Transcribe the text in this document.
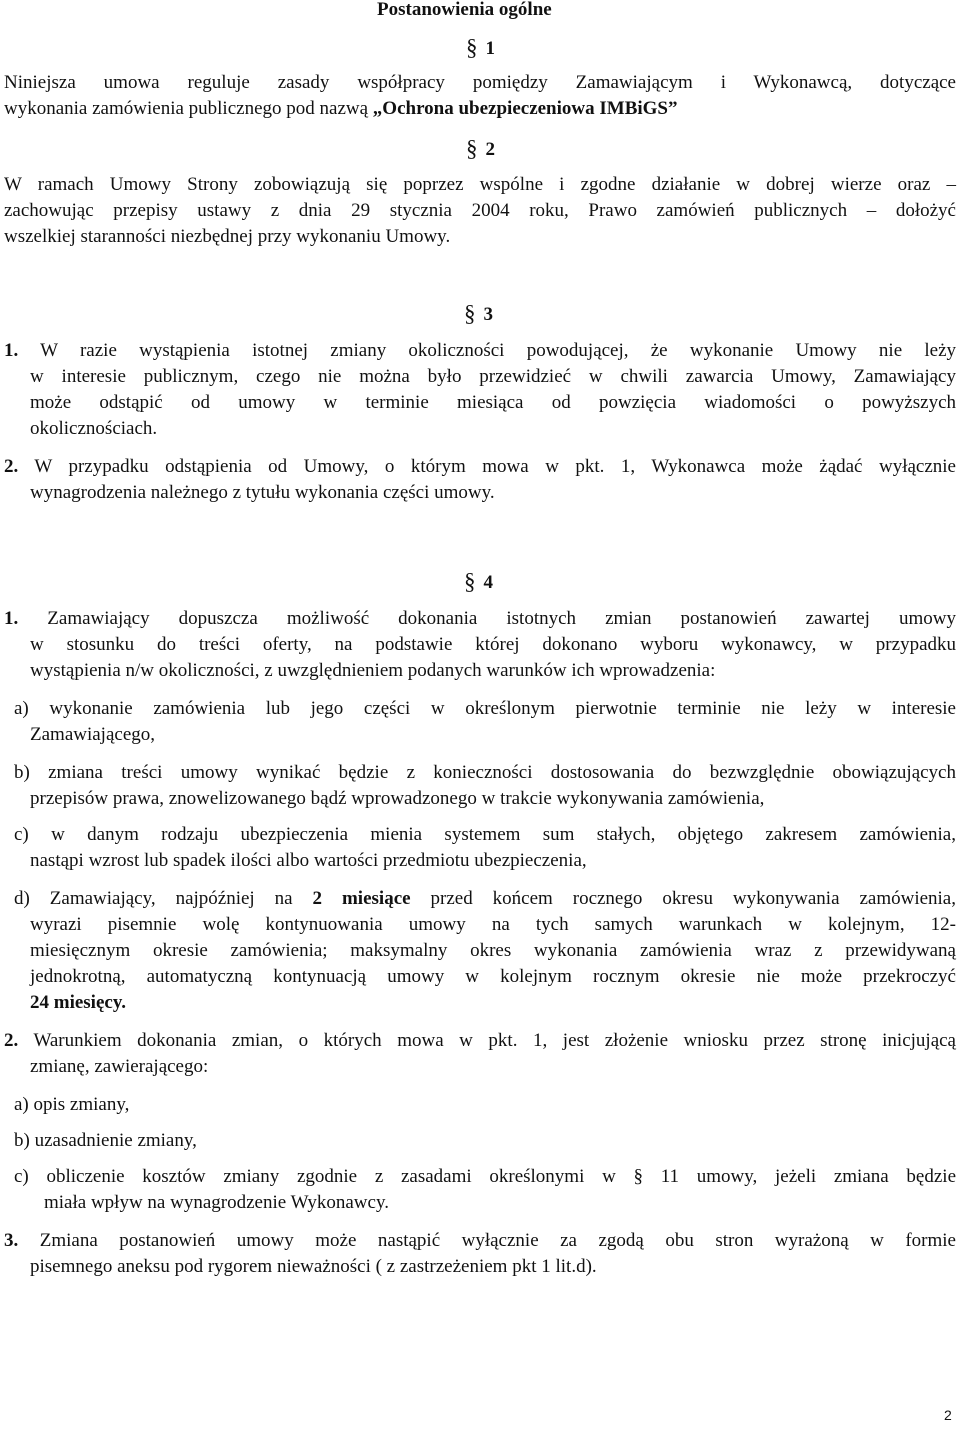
Postanowienia ogólne
§ 1
Niniejsza umowa reguluje zasady współpracy pomiędzy Zamawiającym i Wykonawcą, dotyczące
wykonania zamówienia publicznego pod nazwą „Ochrona ubezpieczeniowa IMBiGS”
§ 2
W ramach Umowy Strony zobowiązują się poprzez wspólne i zgodne działanie w dobrej wierze oraz –
zachowując przepisy ustawy z dnia 29 stycznia 2004 roku, Prawo zamówień publicznych – dołożyć
wszelkiej staranności niezbędnej przy wykonaniu Umowy.
§ 3
1. W razie wystąpienia istotnej zmiany okoliczności powodującej, że wykonanie Umowy nie leży
w interesie publicznym, czego nie można było przewidzieć w chwili zawarcia Umowy, Zamawiający
może odstąpić od umowy w terminie miesiąca od powzięcia wiadomości o powyższych
okolicznościach.
2. W przypadku odstąpienia od Umowy, o którym mowa w pkt. 1, Wykonawca może żądać wyłącznie
wynagrodzenia należnego z tytułu wykonania części umowy.
§ 4
1. Zamawiający dopuszcza możliwość dokonania istotnych zmian postanowień zawartej umowy
w stosunku do treści oferty, na podstawie której dokonano wyboru wykonawcy, w przypadku
wystąpienia n/w okoliczności, z uwzględnieniem podanych warunków ich wprowadzenia:
a) wykonanie zamówienia lub jego części w określonym pierwotnie terminie nie leży w interesie
Zamawiającego,
b) zmiana treści umowy wynikać będzie z konieczności dostosowania do bezwzględnie obowiązujących
przepisów prawa, znowelizowanego bądź wprowadzonego w trakcie wykonywania zamówienia,
c) w danym rodzaju ubezpieczenia mienia systemem sum stałych, objętego zakresem zamówienia,
nastąpi wzrost lub spadek ilości albo wartości przedmiotu ubezpieczenia,
d) Zamawiający, najpóźniej na 2 miesiące przed końcem rocznego okresu wykonywania zamówienia,
wyrazi pisemnie wolę kontynuowania umowy na tych samych warunkach w kolejnym, 12-
miesięcznym okresie zamówienia; maksymalny okres wykonania zamówienia wraz z przewidywaną
jednokrotną, automatyczną kontynuacją umowy w kolejnym rocznym okresie nie może przekroczyć
24 miesięcy.
2. Warunkiem dokonania zmian, o których mowa w pkt. 1, jest złożenie wniosku przez stronę inicjującą
zmianę, zawierającego:
a) opis zmiany,
b) uzasadnienie zmiany,
c) obliczenie kosztów zmiany zgodnie z zasadami określonymi w § 11 umowy, jeżeli zmiana będzie
miała wpływ na wynagrodzenie Wykonawcy.
3. Zmiana postanowień umowy może nastąpić wyłącznie za zgodą obu stron wyrażoną w formie
pisemnego aneksu pod rygorem nieważności ( z zastrzeżeniem pkt 1 lit.d).
2
